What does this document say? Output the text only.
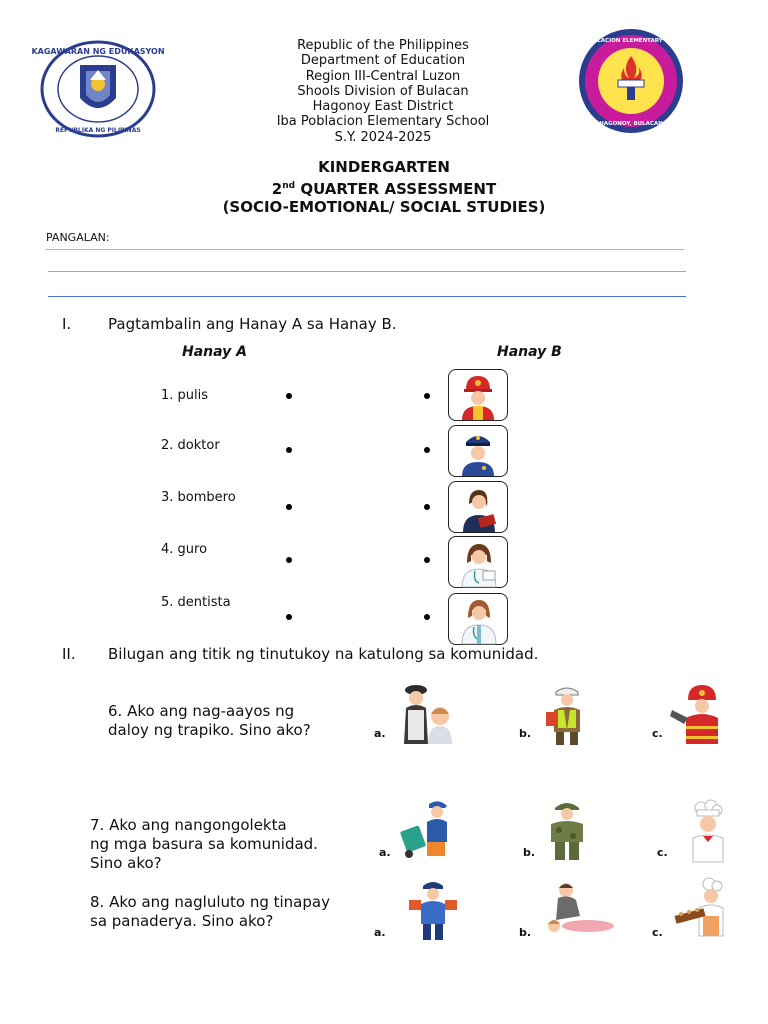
KAGAWARAN NG EDUKASYON
REPUBLIKA NG PILIPINAS
Republic of the Philippines
Department of Education
Region III-Central Luzon
Shools Division of Bulacan
Hagonoy East District
Iba Poblacion Elementary School
S.Y. 2024-2025
IBA POBLACION ELEMENTARY SCHOOL
HAGONOY, BULACAN
KINDERGARTEN
2nd QUARTER ASSESSMENT
(SOCIO-EMOTIONAL/ SOCIAL STUDIES)
PANGALAN:
I. Pagtambalin ang Hanay A sa Hanay B.
Hanay A	Hanay B
1. pulis
2. doktor
3. bombero
4. guro
5. dentista
II. Bilugan ang titik ng tinutukoy na katulong sa komunidad.
6. Ako ang nag-aayos ng
daloy ng trapiko. Sino ako?	a.	b.	c.
7. Ako ang nangongolekta
ng mga basura sa komunidad.
Sino ako?
a.	b.	c.
8. Ako ang nagluluto ng tinapay
sa panaderya. Sino ako?
a.	b.	c.
